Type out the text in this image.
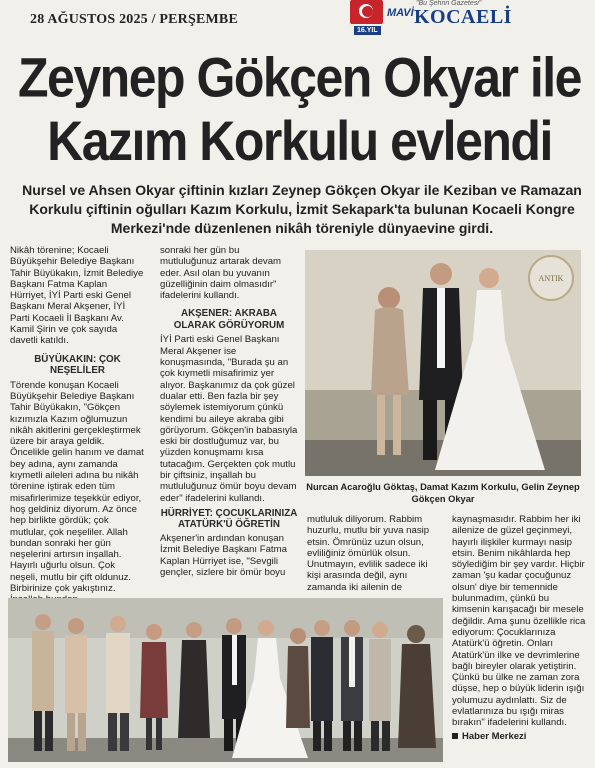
28 AĞUSTOS 2025 / PERŞEMBE	MAVİ
"Bu Şehrin Gazetesi"
KOCAELİ
16.YIL
Zeynep Gökçen Okyar ile Kazım Korkulu evlendi
Nursel ve Ahsen Okyar çiftinin kızları Zeynep Gökçen Okyar ile Keziban ve Ramazan Korkulu çiftinin oğulları Kazım Korkulu, İzmit Sekapark'ta bulunan Kocaeli Kongre Merkezi'nde düzenlenen nikâh töreniyle dünyaevine girdi.

Nikâh törenine; Kocaeli Büyükşehir Belediye Başkanı Tahir Büyükakın, İzmit Belediye Başkanı Fatma Kaplan Hürriyet, İYİ Parti eski Genel Başkanı Meral Akşener, İYİ Parti Kocaeli İl Başkanı Av. Kamil Şirin ve çok sayıda davetli katıldı.

BÜYÜKAKIN: ÇOK NEŞELİLER

Törende konuşan Kocaeli Büyükşehir Belediye Başkanı Tahir Büyükakın, "Gökçen kızımızla Kazım oğlumuzun nikâh akitlerini gerçekleştirmek üzere bir araya geldik. Öncelikle gelin hanım ve damat bey adına, aynı zamanda kıymetli aileleri adına bu nikâh törenine iştirak eden tüm misafirlerimize teşekkür ediyor, hoş geldiniz diyorum. Az önce hep birlikte gördük; çok mutlular, çok neşeliler. Allah bundan sonraki her gün neşelerini artırsın inşallah. Hayırlı uğurlu olsun. Çok neşeli, mutlu bir çift oldunuz. Birbirinize çok yakıştınız.

sonraki her gün bu mutluluğunuz artarak devam eder. Asıl olan bu yuvanın güzelliğinin daim olmasıdır" ifadelerini kullandı.

AKŞENER: AKRABA OLARAK GÖRÜYORUM

İYİ Parti eski Genel Başkanı Meral Akşener ise konuşmasında, "Burada şu an çok kıymetli misafirimiz yer alıyor. Başkanımız da çok güzel dualar etti. Ben fazla bir şey söylemek istemiyorum çünkü kendimi bu aileye akraba gibi görüyorum. Gökçen'in babasıyla eski bir dostluğumuz var, bu yüzden konuşmamı kısa tutacağım. Gerçekten çok mutlu bir çiftsiniz, inşallah bu mutluluğunuz ömür boyu devam eder" ifadelerini kullandı.

HÜRRİYET: ÇOCUKLARINIZA ATATÜRK'Ü ÖĞRETİN

Akşener'in ardından konuşan İzmit Belediye Başkanı Fatma Kaplan Hürriyet ise, "Sevgili gençler, sizlere bir ömür boyu

ANTIK
Nurcan Acaroğlu Göktaş, Damat Kazım Korkulu, Gelin Zeynep Gökçen Okyar

mutluluk diliyorum. Rabbim huzurlu, mutlu bir yuva nasip etsin. Ömrünüz uzun olsun, evliliğiniz ömürlük olsun. Unutmayın, evlilik sadece iki kişi arasında değil, aynı zamanda iki ailenin de

kaynaşmasıdır. Rabbim her iki ailenize de güzel geçinmeyi, hayırlı ilişkiler kurmayı nasip etsin. Benim nikâhlarda hep söylediğim bir şey vardır. Hiçbir zaman 'şu kadar çocuğunuz olsun' diye bir temennide bulunmadım, çünkü bu kimsenin karışacağı bir mesele değildir. Ama şunu özellikle rica ediyorum: Çocuklarınıza Atatürk'ü öğretin. Onları Atatürk'ün ilke ve devrimlerine bağlı bireyler olarak yetiştirin. Çünkü bu ülke ne zaman zora düşse, hep o büyük liderin ışığı yolumuzu aydınlattı. Siz de evlatlarınıza bu ışığı miras bırakın" ifadelerini kullandı.

Haber Merkezi
